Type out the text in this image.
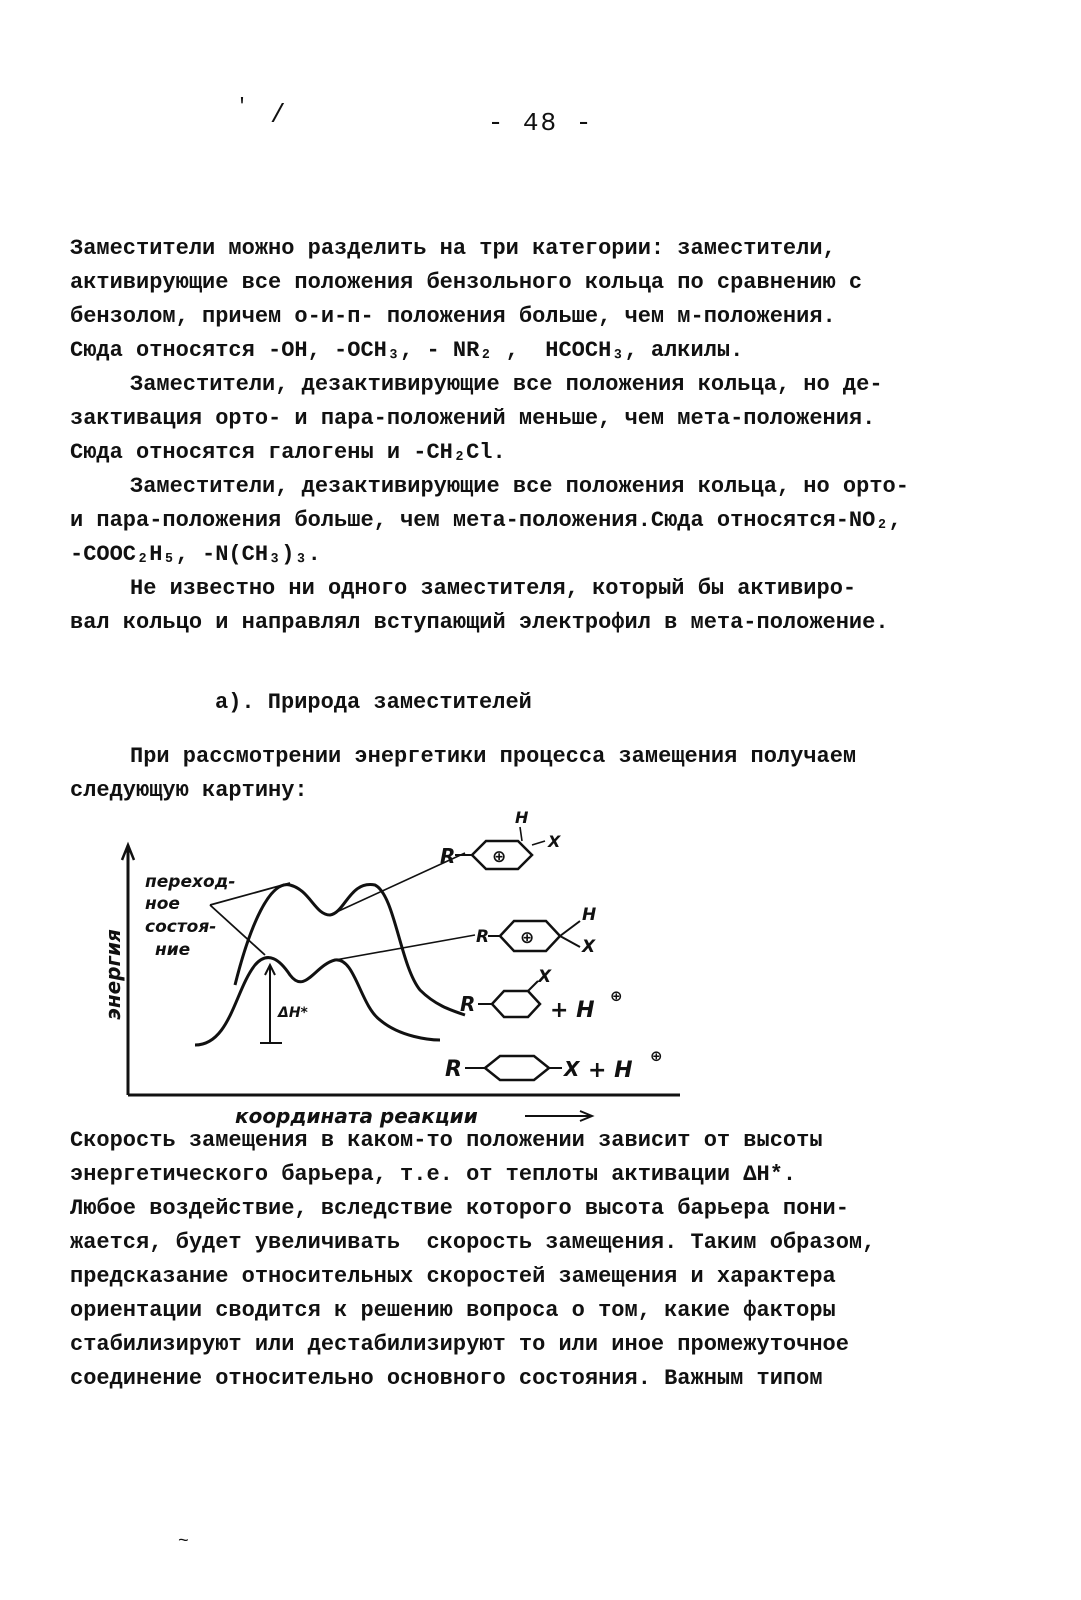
' /	- 48 -
Заместители можно разделить на три категории: заместители,
активирующие все положения бензольного кольца по сравнению с
бензолом, причем о-и-п- положения больше, чем м-положения.
Сюда относятся -OH, -OCH₃, - NR₂ ,  HCOCH₃, алкилы.
Заместители, дезактивирующие все положения кольца, но де-
зактивация орто- и пара-положений меньше, чем мета-положения.
Сюда относятся галогены и -CH₂Cl.
Заместители, дезактивирующие все положения кольца, но орто-
и пара-положения больше, чем мета-положения.Сюда относятся-NO₂,
-COOC₂H₅, -N(CH₃)₃.
Не известно ни одного заместителя, который бы активиро-
вал кольцо и направлял вступающий электрофил в мета-положение.
а). Природа заместителей
При рассмотрении энергетики процесса замещения получаем
следующую картину:
энергия
координата реакции
переход-
ное
состоя-
ние
ΔH*
R ⊕
H
X
R ⊕
H
X
R
X
+ H
⊕
R	X + H
⊕
Скорость замещения в каком-то положении зависит от высоты
энергетического барьера, т.е. от теплоты активации ΔH*.
Любое воздействие, вследствие которого высота барьера пони-
жается, будет увеличивать  скорость замещения. Таким образом,
предсказание относительных скоростей замещения и характера
ориентации сводится к решению вопроса о том, какие факторы
стабилизируют или дестабилизируют то или иное промежуточное
соединение относительно основного состояния. Важным типом
~
